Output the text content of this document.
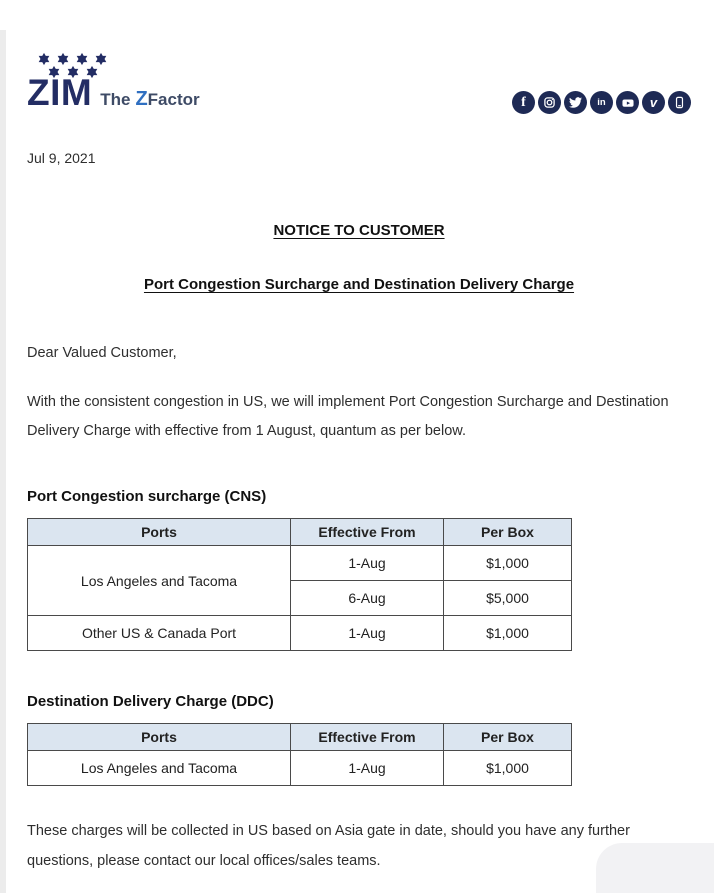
ZIM The Z Factor	f	in	v
Jul 9, 2021
NOTICE TO CUSTOMER
Port Congestion Surcharge and Destination Delivery Charge
Dear Valued Customer,

With the consistent congestion in US, we will implement Port Congestion Surcharge and Destination Delivery Charge with effective from 1 August, quantum as per below.

Port Congestion surcharge (CNS)
Ports	Effective From	Per Box
Los Angeles and Tacoma	1-Aug	$1,000
	6-Aug	$5,000
Other US & Canada Port	1-Aug	$1,000
Destination Delivery Charge (DDC)
Ports	Effective From	Per Box
Los Angeles and Tacoma	1-Aug	$1,000

These charges will be collected in US based on Asia gate in date, should you have any further questions, please contact our local offices/sales teams.
